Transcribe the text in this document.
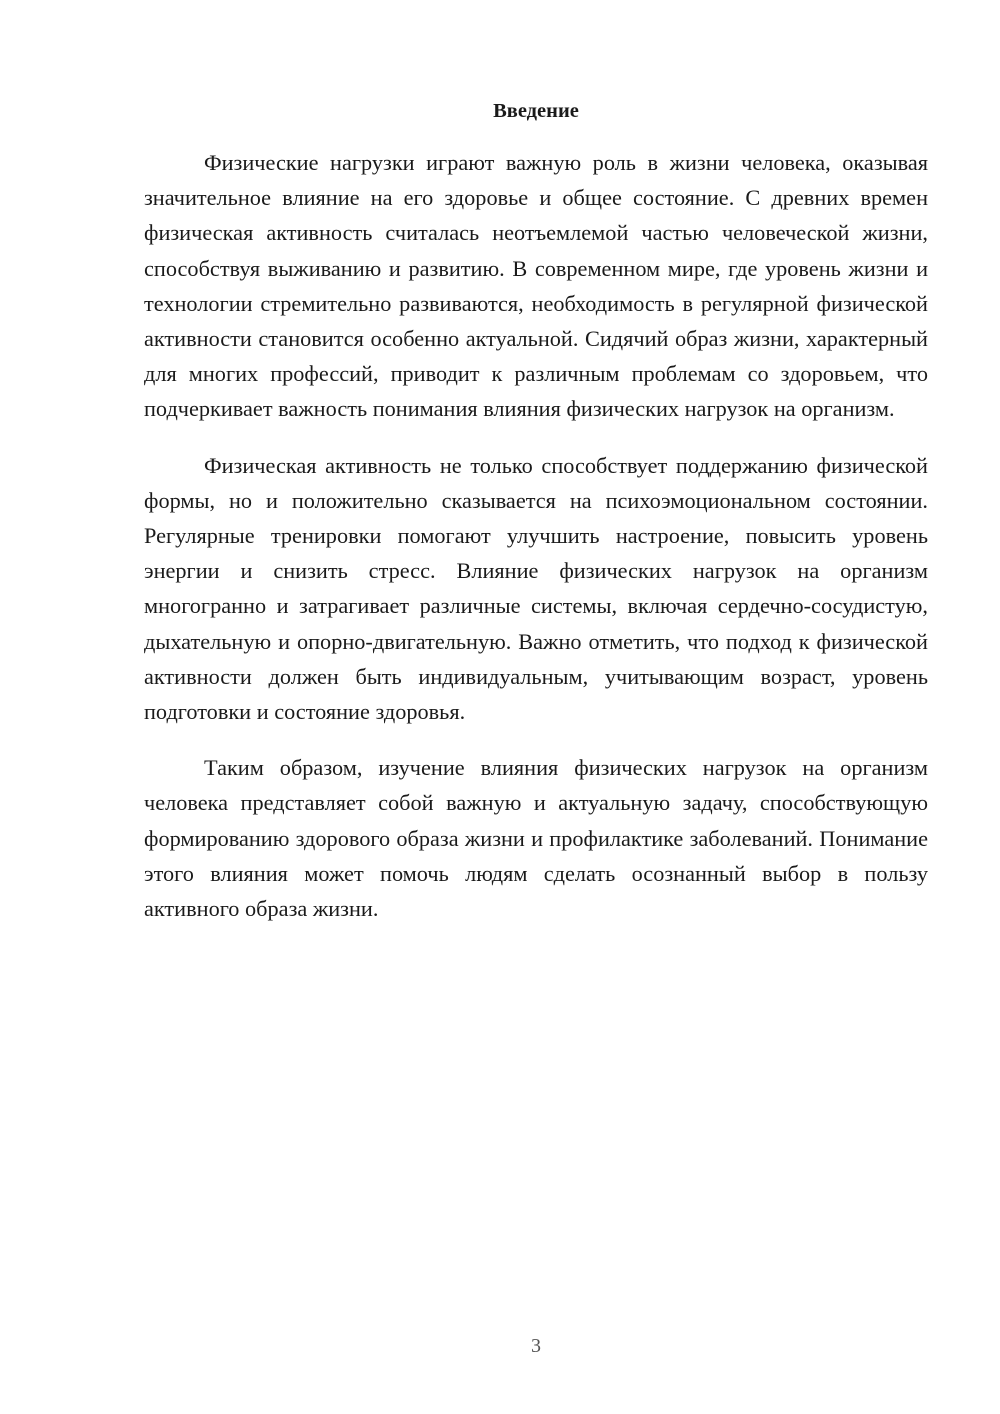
Введение

Физические нагрузки играют важную роль в жизни человека, оказывая значительное влияние на его здоровье и общее состояние. С древних времен физическая активность считалась неотъемлемой частью человеческой жизни, способствуя выживанию и развитию. В современном мире, где уровень жизни и технологии стремительно развиваются, необходимость в регулярной физической активности становится особенно актуальной. Сидячий образ жизни, характерный для многих профессий, приводит к различным проблемам со здоровьем, что подчеркивает важность понимания влияния физических нагрузок на организм.

Физическая активность не только способствует поддержанию физической формы, но и положительно сказывается на психоэмоциональном состоянии. Регулярные тренировки помогают улучшить настроение, повысить уровень энергии и снизить стресс. Влияние физических нагрузок на организм многогранно и затрагивает различные системы, включая сердечно-сосудистую, дыхательную и опорно-двигательную. Важно отметить, что подход к физической активности должен быть индивидуальным, учитывающим возраст, уровень подготовки и состояние здоровья.

Таким образом, изучение влияния физических нагрузок на организм человека представляет собой важную и актуальную задачу, способствующую формированию здорового образа жизни и профилактике заболеваний. Понимание этого влияния может помочь людям сделать осознанный выбор в пользу активного образа жизни.

3
